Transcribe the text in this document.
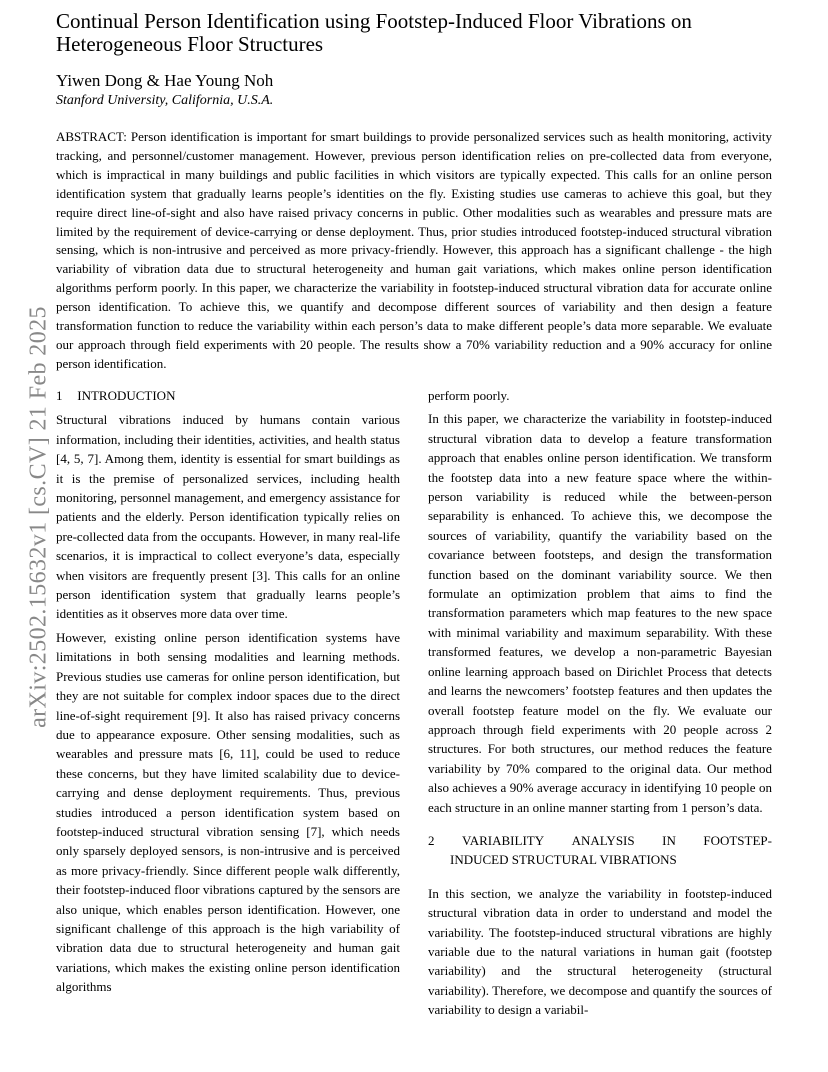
arXiv:2502.15632v1 [cs.CV] 21 Feb 2025
Continual Person Identification using Footstep-Induced Floor Vibrations on Heterogeneous Floor Structures
Yiwen Dong & Hae Young Noh
Stanford University, California, U.S.A.

ABSTRACT: Person identification is important for smart buildings to provide personalized services such as health monitoring, activity tracking, and personnel/customer management. However, previous person identification relies on pre-collected data from everyone, which is impractical in many buildings and public facilities in which visitors are typically expected. This calls for an online person identification system that gradually learns people’s identities on the fly. Existing studies use cameras to achieve this goal, but they require direct line-of-sight and also have raised privacy concerns in public. Other modalities such as wearables and pressure mats are limited by the requirement of device-carrying or dense deployment. Thus, prior studies introduced footstep-induced structural vibration sensing, which is non-intrusive and perceived as more privacy-friendly. However, this approach has a significant challenge - the high variability of vibration data due to structural heterogeneity and human gait variations, which makes online person identification algorithms perform poorly. In this paper, we characterize the variability in footstep-induced structural vibration data for accurate online person identification. To achieve this, we quantify and decompose different sources of variability and then design a feature transformation function to reduce the variability within each person’s data to make different people’s data more separable. We evaluate our approach through field experiments with 20 people. The results show a 70% variability reduction and a 90% accuracy for online person identification.

1 INTRODUCTION

Structural vibrations induced by humans contain various information, including their identities, activities, and health status [4, 5, 7]. Among them, identity is essential for smart buildings as it is the premise of personalized services, including health monitoring, personnel management, and emergency assistance for patients and the elderly. Person identification typically relies on pre-collected data from the occupants. However, in many real-life scenarios, it is impractical to collect everyone’s data, especially when visitors are frequently present [3]. This calls for an online person identification system that gradually learns people’s identities as it observes more data over time.

However, existing online person identification systems have limitations in both sensing modalities and learning methods. Previous studies use cameras for online person identification, but they are not suitable for complex indoor spaces due to the direct line-of-sight requirement [9]. It also has raised privacy concerns due to appearance exposure. Other sensing modalities, such as wearables and pressure mats [6, 11], could be used to reduce these concerns, but they have limited scalability due to device-carrying and dense deployment requirements. Thus, previous studies introduced a person identification system based on footstep-induced structural vibration sensing [7], which needs only sparsely deployed sensors, is non-intrusive and is perceived as more privacy-friendly. Since different people walk differently, their footstep-induced floor vibrations captured by the sensors are also unique, which enables person identification. However, one significant challenge of this approach is the high variability of vibration data due to structural heterogeneity and human gait variations, which makes the existing online person identification algorithms

perform poorly.

In this paper, we characterize the variability in footstep-induced structural vibration data to develop a feature transformation approach that enables online person identification. We transform the footstep data into a new feature space where the within-person variability is reduced while the between-person separability is enhanced. To achieve this, we decompose the sources of variability, quantify the variability based on the covariance between footsteps, and design the transformation function based on the dominant variability source. We then formulate an optimization problem that aims to find the transformation parameters which map features to the new space with minimal variability and maximum separability. With these transformed features, we develop a non-parametric Bayesian online learning approach based on Dirichlet Process that detects and learns the newcomers’ footstep features and then updates the overall footstep feature model on the fly. We evaluate our approach through field experiments with 20 people across 2 structures. For both structures, our method reduces the feature variability by 70% compared to the original data. Our method also achieves a 90% average accuracy in identifying 10 people on each structure in an online manner starting from 1 person’s data.

2 VARIABILITY ANALYSIS IN FOOTSTEP-
INDUCED STRUCTURAL VIBRATIONS

In this section, we analyze the variability in footstep-induced structural vibration data in order to understand and model the variability. The footstep-induced structural vibrations are highly variable due to the natural variations in human gait (footstep variability) and the structural heterogeneity (structural variability). Therefore, we decompose and quantify the sources of variability to design a variabil-
